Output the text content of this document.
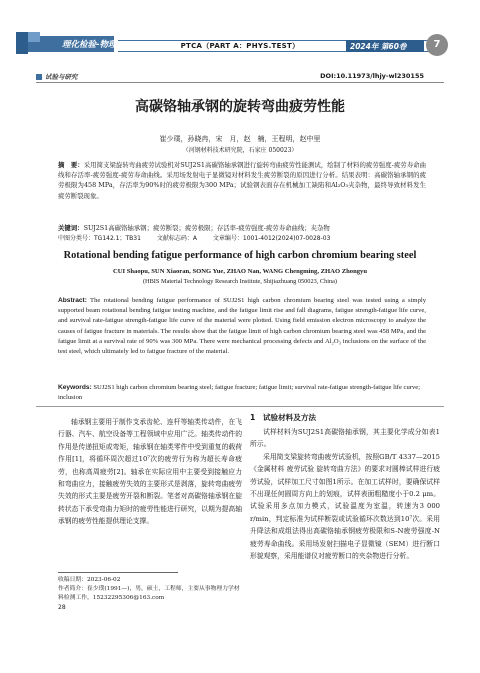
理化检验-物理分册	PTCA（PART A：PHYS.TEST）	2024年 第60卷	7
试验与研究	DOI:10.11973/lhjy-wl230155
高碳铬轴承钢的旋转弯曲疲劳性能
崔少璞，孙晓冉，宋　月，赵　楠，王程明，赵中里
（河钢材料技术研究院，石家庄 050023）
摘　要：采用简支梁旋转弯曲疲劳试验机对SUJ2S1高碳铬轴承钢进行旋转弯曲疲劳性能测试，绘制了材料的疲劳强度-疲劳寿命曲线和存活率-疲劳强度-疲劳寿命曲线。采用场发射电子显微镜对材料发生疲劳断裂的原因进行分析。结果表明：高碳铬轴承钢的疲劳极限为458 MPa，存活率为90%时的疲劳极限为300 MPa；试验钢表面存在机械加工缺陷和Al₂O₃夹杂物，最终导致材料发生疲劳断裂现象。
关键词：SUJ2S1高碳铬轴承钢；疲劳断裂；疲劳极限；存活率-疲劳强度-疲劳寿命曲线；夹杂物
中图分类号：TG142.1；TB31	文献标志码：A	文章编号：1001-4012(2024)07-0028-03
Rotational bending fatigue performance of high carbon chromium bearing steel
CUI Shaopu, SUN Xiaoran, SONG Yue, ZHAO Nan, WANG Chengming, ZHAO Zhongyu
(HBIS Material Technology Research Institute, Shijiazhuang 050023, China)
Abstract: The rotational bending fatigue performance of SUJ2S1 high carbon chromium bearing steel was tested using a simply supported beam rotational bending fatigue testing machine, and the fatigue limit rise and fall diagrams, fatigue strength-fatigue life curve, and survival rate-fatigue strength-fatigue life curve of the material were plotted. Using field emission electron microscopy to analyze the causes of fatigue fracture in materials. The results show that the fatigue limit of high carbon chromium bearing steel was 458 MPa, and the fatigue limit at a survival rate of 90% was 300 MPa. There were mechanical processing defects and Al₂O₃ inclusions on the surface of the test steel, which ultimately led to fatigue fracture of the material.
Keywords: SUJ2S1 high carbon chromium bearing steel; fatigue fracture; fatigue limit; survival rate-fatigue strength-fatigue life curve; inclusion
轴承钢主要用于制作支承齿轮、连杆等轴类传动件，在飞行器、汽车、航空设备等工程领域中应用广泛。轴类传动件的作用是传递扭矩或弯矩，轴承钢在轴类零件中受到重复的载荷作用[1]，将循环周次超过10⁷次的疲劳行为称为超长寿命疲劳，也称高周疲劳[2]。轴承在实际应用中主要受到接触应力和弯曲应力，接触疲劳失效的主要形式是剥落，旋转弯曲疲劳失效的形式主要是疲劳开裂和断裂。笔者对高碳铬轴承钢在旋转状态下承受弯曲力矩时的疲劳性能进行研究，以期为提高轴承钢的疲劳性能提供理论支撑。
1　试验材料及方法

试样材料为SUJ2S1高碳铬轴承钢，其主要化学成分如表1所示。

采用简支梁旋转弯曲疲劳试验机，按照GB/T 4337—2015《金属材料 疲劳试验 旋转弯曲方法》的要求对圆棒试样进行疲劳试验，试样加工尺寸如图1所示。在加工试样时，要确保试样不出现任何圆周方向上的划痕，试样表面粗糙度小于0.2 μm。试验采用多点加力模式，试验温度为室温，转速为3 000 r/min，判定标准为试样断裂或试验循环次数达到10⁷次。采用升降法和成组法得出高碳铬轴承钢疲劳极限和S-N疲劳强度-N疲劳寿命曲线。采用场发射扫描电子显微镜（SEM）进行断口形貌观察，采用能谱仪对疲劳断口的夹杂物进行分析。

收稿日期：2023-06-02
作者简介：崔少璞(1991—)，男，硕士，工程师，主要从事物理力学材料检测工作，15232295306@163.com
28
